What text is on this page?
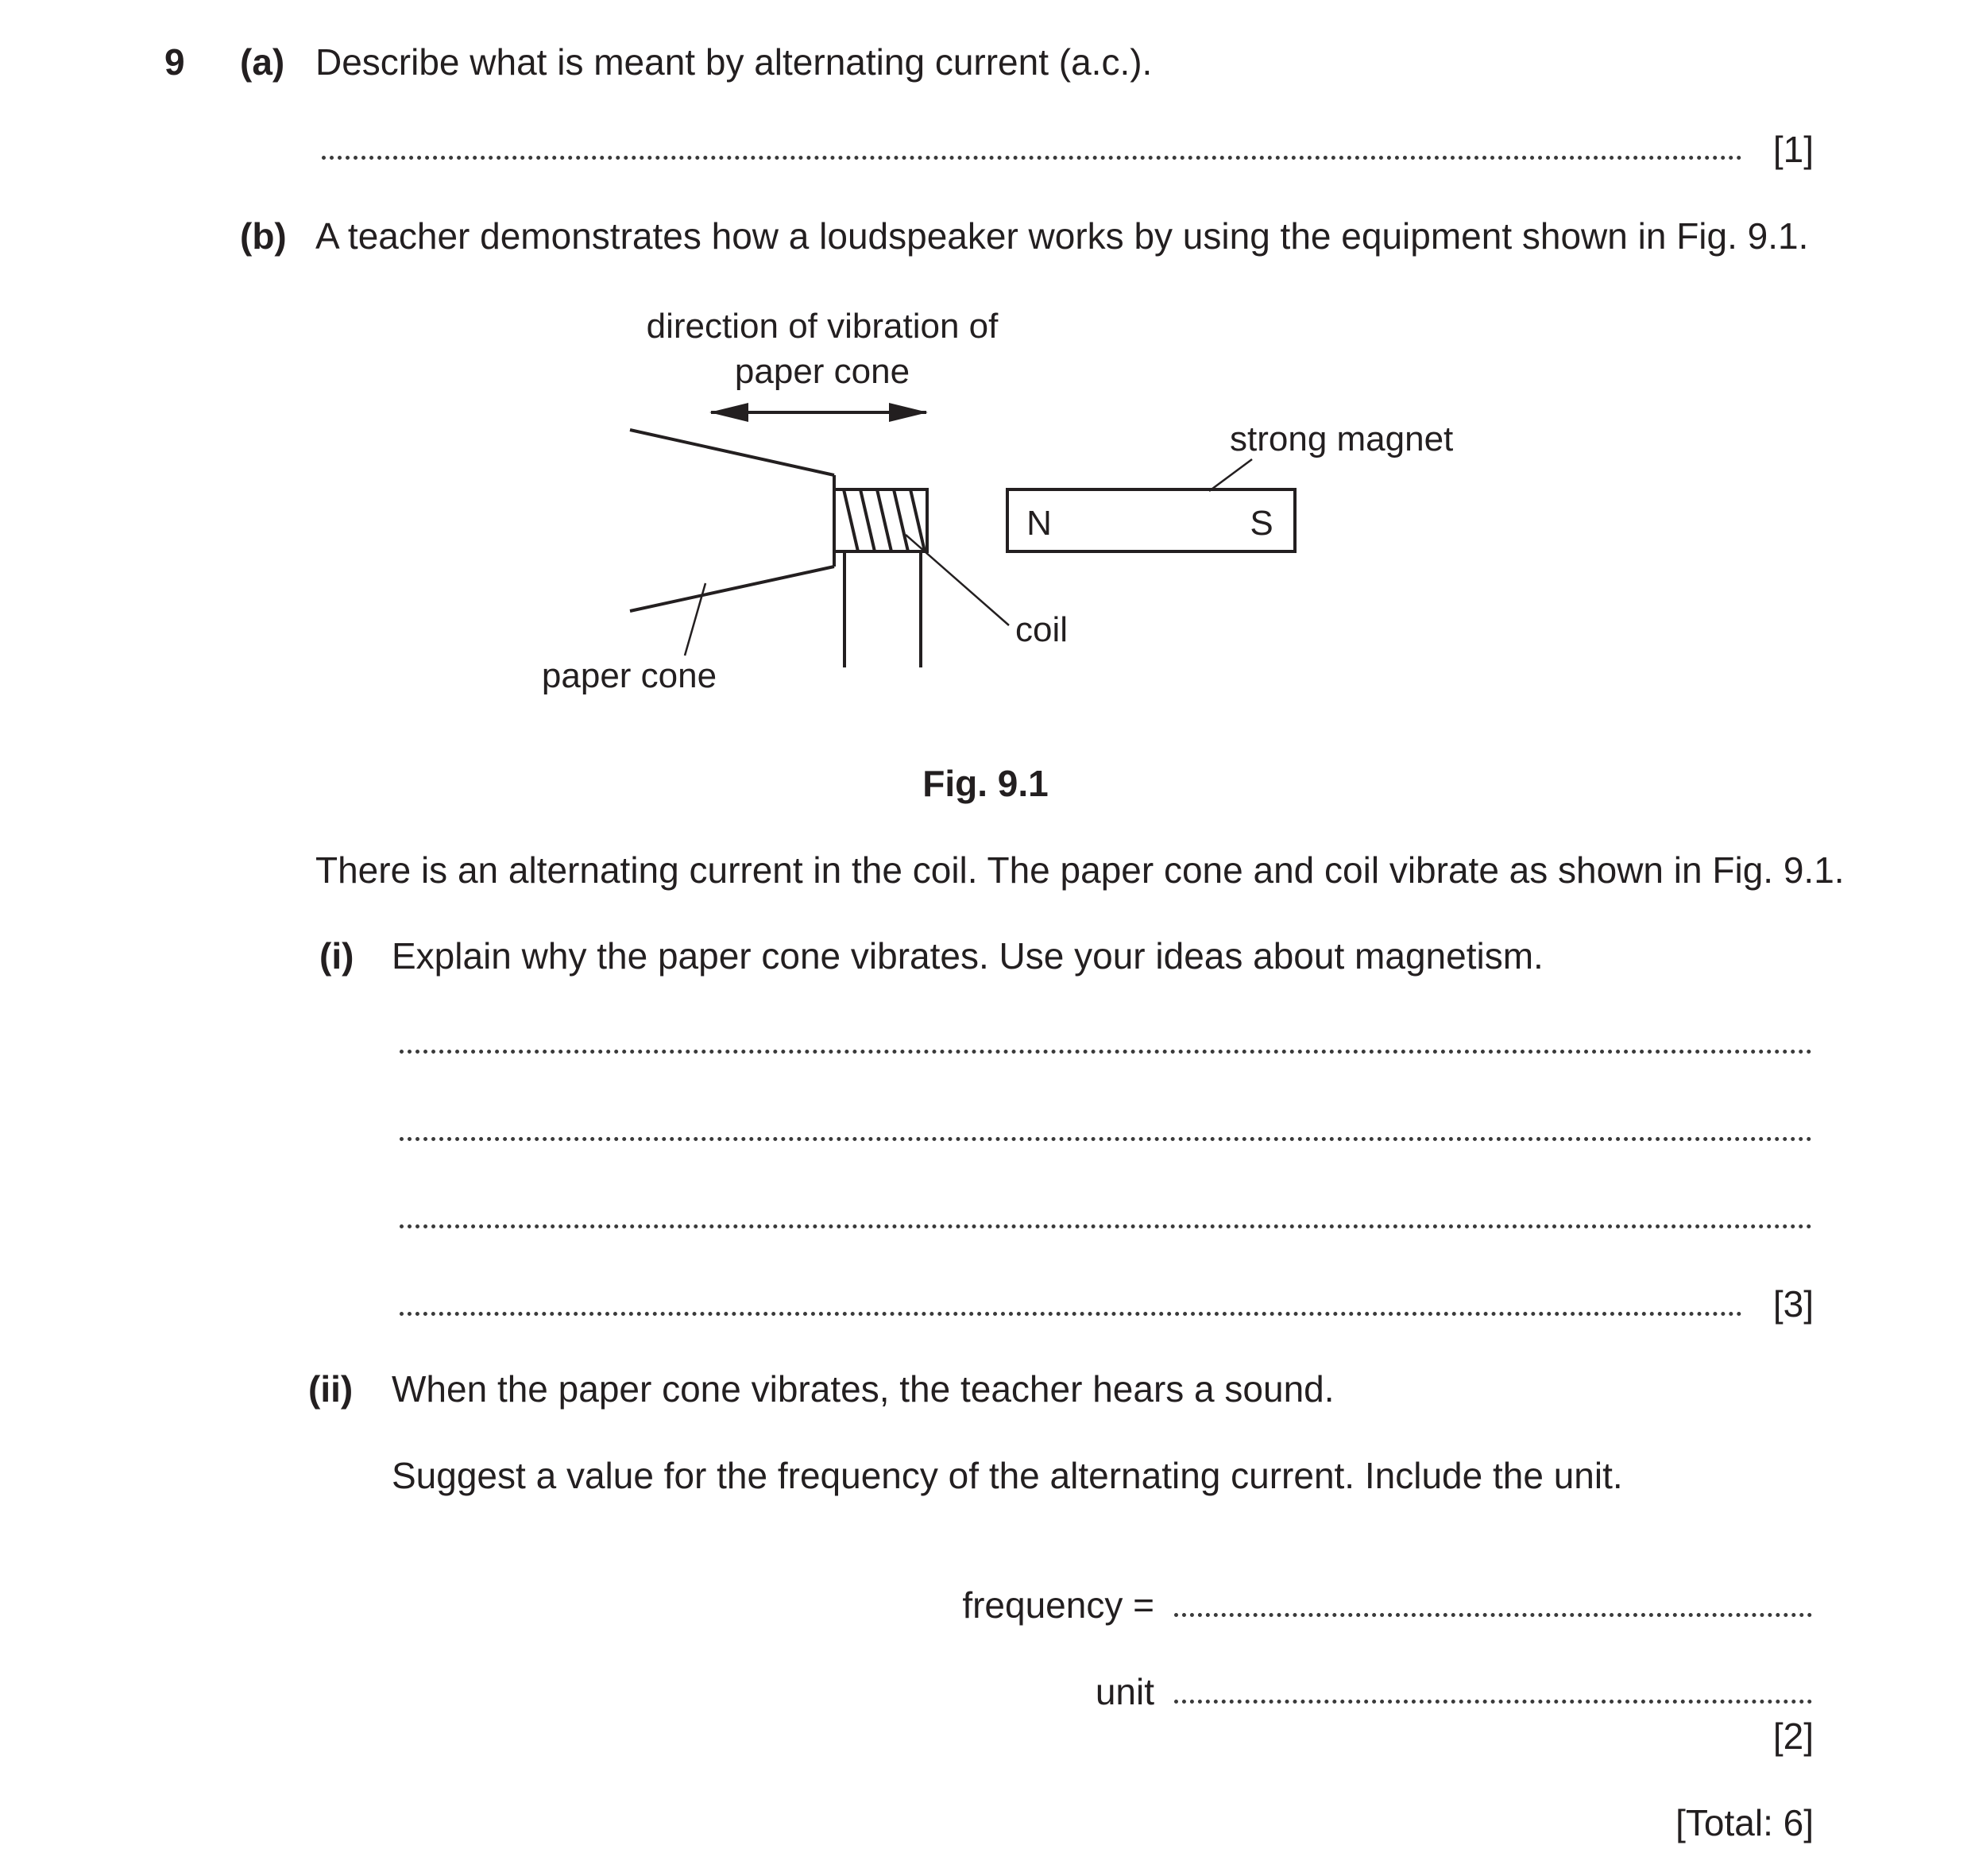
9 (a) Describe what is meant by alternating current (a.c.).
[1]
(b) A teacher demonstrates how a loudspeaker works by using the equipment shown in Fig. 9.1.
direction of vibration of
paper cone
N	S
strong magnet
coil
paper cone
Fig. 9.1
There is an alternating current in the coil. The paper cone and coil vibrate as shown in Fig. 9.1.
(i) Explain why the paper cone vibrates. Use your ideas about magnetism.
[3]
(ii) When the paper cone vibrates, the teacher hears a sound.
Suggest a value for the frequency of the alternating current. Include the unit.
frequency =
unit
[2]
[Total: 6]
